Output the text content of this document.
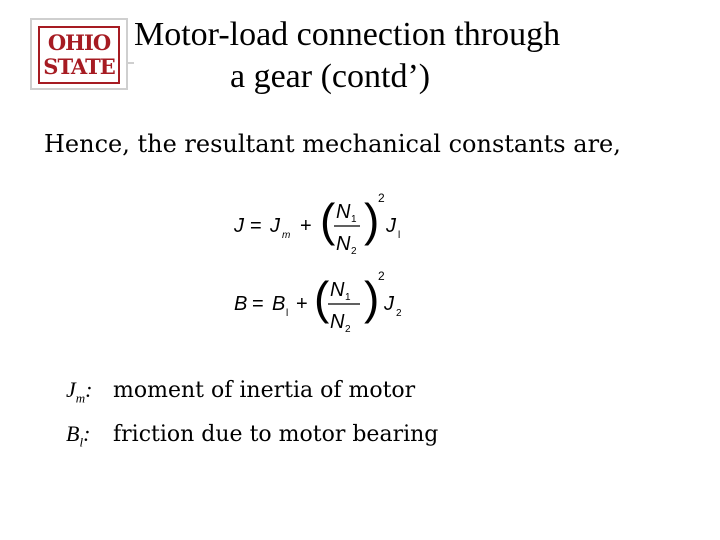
OHIO
STATE
Motor-load connection through
a gear (contd’)
Hence, the resultant mechanical constants are,
J = J m + ( N 1
N 2
)
2
J l
B = B l + ( N 1
N 2
)
2
J 2
$J_m$: moment of inertia of motor
$B_l$: friction due to motor bearing
